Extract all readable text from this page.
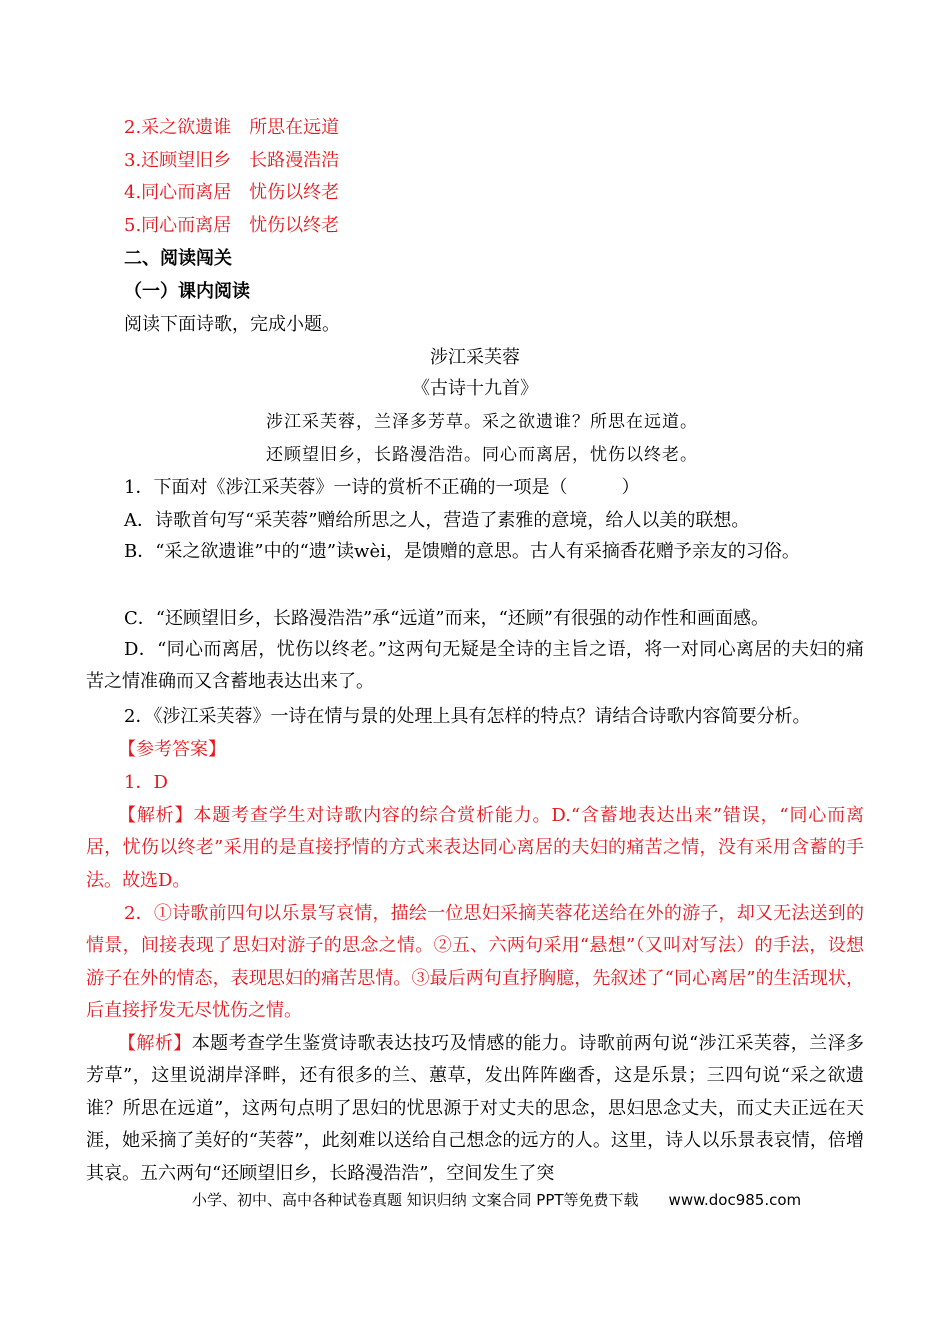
2.采之欲遗谁　所思在远道
3.还顾望旧乡　长路漫浩浩
4.同心而离居　忧伤以终老
5.同心而离居　忧伤以终老
二、阅读闯关
（一）课内阅读
阅读下面诗歌，完成小题。
涉江采芙蓉
《古诗十九首》
涉江采芙蓉，兰泽多芳草。采之欲遗谁？所思在远道。
还顾望旧乡，长路漫浩浩。同心而离居，忧伤以终老。
1．下面对《涉江采芙蓉》一诗的赏析不正确的一项是（　　　）
A．诗歌首句写“采芙蓉”赠给所思之人，营造了素雅的意境，给人以美的联想。
B．“采之欲遗谁”中的“遗”读wèi，是馈赠的意思。古人有采摘香花赠予亲友的习俗。
C．“还顾望旧乡，长路漫浩浩”承“远道”而来，“还顾”有很强的动作性和画面感。
D．“同心而离居，忧伤以终老。”这两句无疑是全诗的主旨之语，将一对同心离居的夫妇的痛苦之情准确而又含蓄地表达出来了。
2．《涉江采芙蓉》一诗在情与景的处理上具有怎样的特点？请结合诗歌内容简要分析。
【参考答案】
1．D
【解析】本题考查学生对诗歌内容的综合赏析能力。D.“含蓄地表达出来”错误，“同心而离居，忧伤以终老”采用的是直接抒情的方式来表达同心离居的夫妇的痛苦之情，没有采用含蓄的手法。故选D。
2．①诗歌前四句以乐景写哀情，描绘一位思妇采摘芙蓉花送给在外的游子，却又无法送到的情景，间接表现了思妇对游子的思念之情。②五、六两句采用“悬想”（又叫对写法）的手法，设想游子在外的情态，表现思妇的痛苦思情。③最后两句直抒胸臆，先叙述了“同心离居”的生活现状，后直接抒发无尽忧伤之情。
【解析】本题考查学生鉴赏诗歌表达技巧及情感的能力。诗歌前两句说“涉江采芙蓉，兰泽多芳草”，这里说湖岸泽畔，还有很多的兰、蕙草，发出阵阵幽香，这是乐景；三四句说“采之欲遗谁？所思在远道”，这两句点明了思妇的忧思源于对丈夫的思念，思妇思念丈夫，而丈夫正远在天涯，她采摘了美好的“芙蓉”，此刻难以送给自己想念的远方的人。这里，诗人以乐景表哀情，倍增其哀。五六两句“还顾望旧乡，长路漫浩浩”，空间发生了突
小学、初中、高中各种试卷真题 知识归纳 文案合同 PPT等免费下载　　www.doc985.com
